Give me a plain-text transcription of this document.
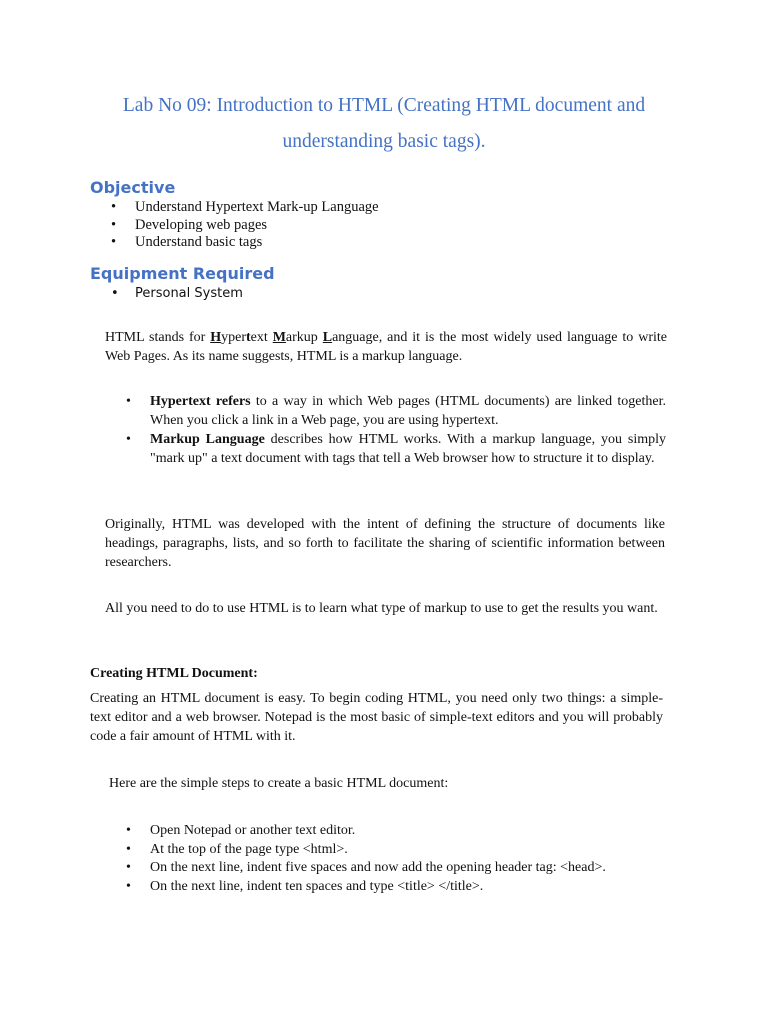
Lab No 09: Introduction to HTML (Creating HTML document and understanding basic tags).
Objective
• Understand Hypertext Mark-up Language
• Developing web pages
• Understand basic tags
Equipment Required
• Personal System
HTML stands for Hypertext Markup Language, and it is the most widely used language to write Web Pages. As its name suggests, HTML is a markup language.
• Hypertext refers to a way in which Web pages (HTML documents) are linked together. When you click a link in a Web page, you are using hypertext.
• Markup Language describes how HTML works. With a markup language, you simply "mark up" a text document with tags that tell a Web browser how to structure it to display.
Originally, HTML was developed with the intent of defining the structure of documents like headings, paragraphs, lists, and so forth to facilitate the sharing of scientific information between researchers.
All you need to do to use HTML is to learn what type of markup to use to get the results you want.
Creating HTML Document:
Creating an HTML document is easy. To begin coding HTML, you need only two things: a simple-text editor and a web browser. Notepad is the most basic of simple-text editors and you will probably code a fair amount of HTML with it.
Here are the simple steps to create a basic HTML document:
• Open Notepad or another text editor.
• At the top of the page type <html>.
• On the next line, indent five spaces and now add the opening header tag: <head>.
• On the next line, indent ten spaces and type <title> </title>.
